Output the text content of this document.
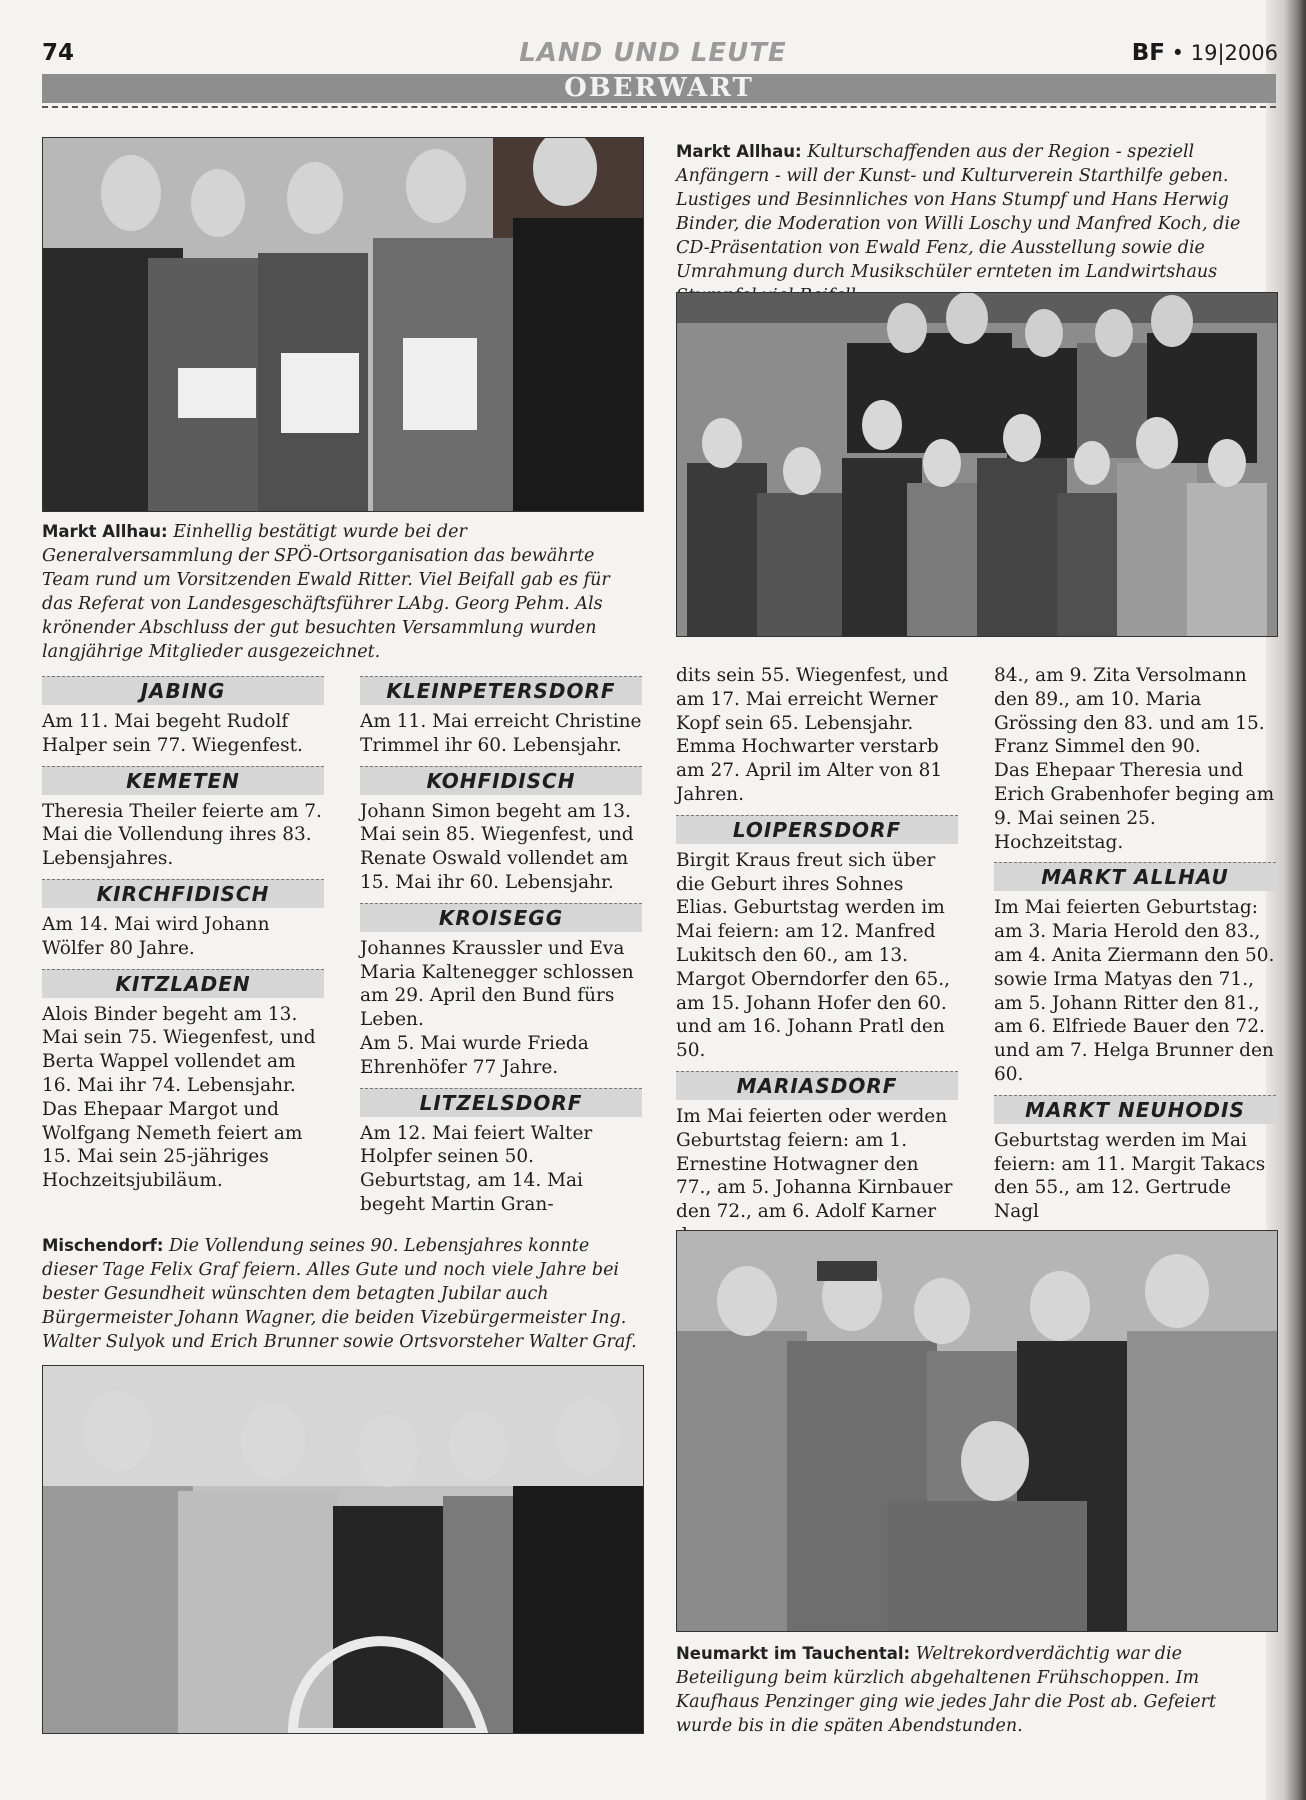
74	LAND UND LEUTE	BF • 19|2006
OBERWART
Markt Allhau: Einhellig bestätigt wurde bei der Generalversammlung der SPÖ-Ortsorganisation das bewährte Team rund um Vorsitzenden Ewald Ritter. Viel Beifall gab es für das Referat von Landesgeschäftsführer LAbg. Georg Pehm. Als krönender Abschluss der gut besuchten Versammlung wurden langjährige Mitglieder ausgezeichnet.
Markt Allhau: Kulturschaffenden aus der Region - speziell Anfängern - will der Kunst- und Kulturverein Starthilfe geben. Lustiges und Besinnliches von Hans Stumpf und Hans Herwig Binder, die Moderation von Willi Loschy und Manfred Koch, die CD-Präsentation von Ewald Fenz, die Ausstellung sowie die Umrahmung durch Musikschüler ernteten im Landwirtshaus
JABING

Am 11. Mai begeht Rudolf Halper sein 77. Wiegenfest.

KEMETEN

Theresia Theiler feierte am 7. Mai die Vollendung ihres 83. Lebensjahres.

KIRCHFIDISCH

Am 14. Mai wird Johann Wölfer 80 Jahre.

KITZLADEN

Alois Binder begeht am 13. Mai sein 75. Wiegenfest, und Berta Wappel vollendet am 16. Mai ihr 74. Lebensjahr.

Das Ehepaar Margot und Wolfgang Nemeth feiert am 15. Mai sein 25-jähriges Hochzeitsjubiläum.

KLEINPETERSDORF

Am 11. Mai erreicht Christine Trimmel ihr 60. Lebensjahr.

KOHFIDISCH

Johann Simon begeht am 13. Mai sein 85. Wiegenfest, und Renate Oswald vollendet am 15. Mai ihr 60. Lebensjahr.

KROISEGG

Johannes Kraussler und Eva Maria Kaltenegger schlossen am 29. April den Bund fürs Leben.

Am 5. Mai wurde Frieda Ehrenhöfer 77 Jahre.

LITZELSDORF

Am 12. Mai feiert Walter Holpfer seinen 50. Geburtstag, am 14. Mai begeht Martin Gran-

dits sein 55. Wiegenfest, und am 17. Mai erreicht Werner Kopf sein 65. Lebensjahr.

Emma Hochwarter verstarb am 27. April im Alter von 81 Jahren.

LOIPERSDORF

Birgit Kraus freut sich über die Geburt ihres Sohnes Elias. Geburtstag werden im Mai feiern: am 12. Manfred Lukitsch den 60., am 13. Margot Oberndorfer den 65., am 15. Johann Hofer den 60. und am 16. Johann Pratl den 50.

MARIASDORF

Im Mai feierten oder werden Geburtstag feiern: am 1. Ernestine Hotwagner den 77., am 5. Johanna Kirnbauer den 72., am 6. Adolf Karner

84., am 9. Zita Versolmann den 89., am 10. Maria Grössing den 83. und am 15. Franz Simmel den 90.

Das Ehepaar Theresia und Erich Grabenhofer beging am 9. Mai seinen 25. Hochzeitstag.

MARKT ALLHAU

Im Mai feierten Geburtstag: am 3. Maria Herold den 83., am 4. Anita Ziermann den 50. sowie Irma Matyas den 71., am 5. Johann Ritter den 81., am 6. Elfriede Bauer den 72. und am 7. Helga Brunner den 60.

MARKT NEUHODIS

Geburtstag werden im Mai feiern: am 11. Margit Takacs den 55., am 12. Gertrude Nagl

Mischendorf: Die Vollendung seines 90. Lebensjahres konnte dieser Tage Felix Graf feiern. Alles Gute und noch viele Jahre bei bester Gesundheit wünschten dem betagten Jubilar auch Bürgermeister Johann Wagner, die beiden Vizebürgermeister Ing. Walter Sulyok und Erich Brunner sowie Ortsvorsteher Walter Graf.
Neumarkt im Tauchental: Weltrekordverdächtig war die Beteiligung beim kürzlich abgehaltenen Frühschoppen. Im Kaufhaus Penzinger ging wie jedes Jahr die Post ab. Gefeiert wurde bis in die späten Abendstunden.
